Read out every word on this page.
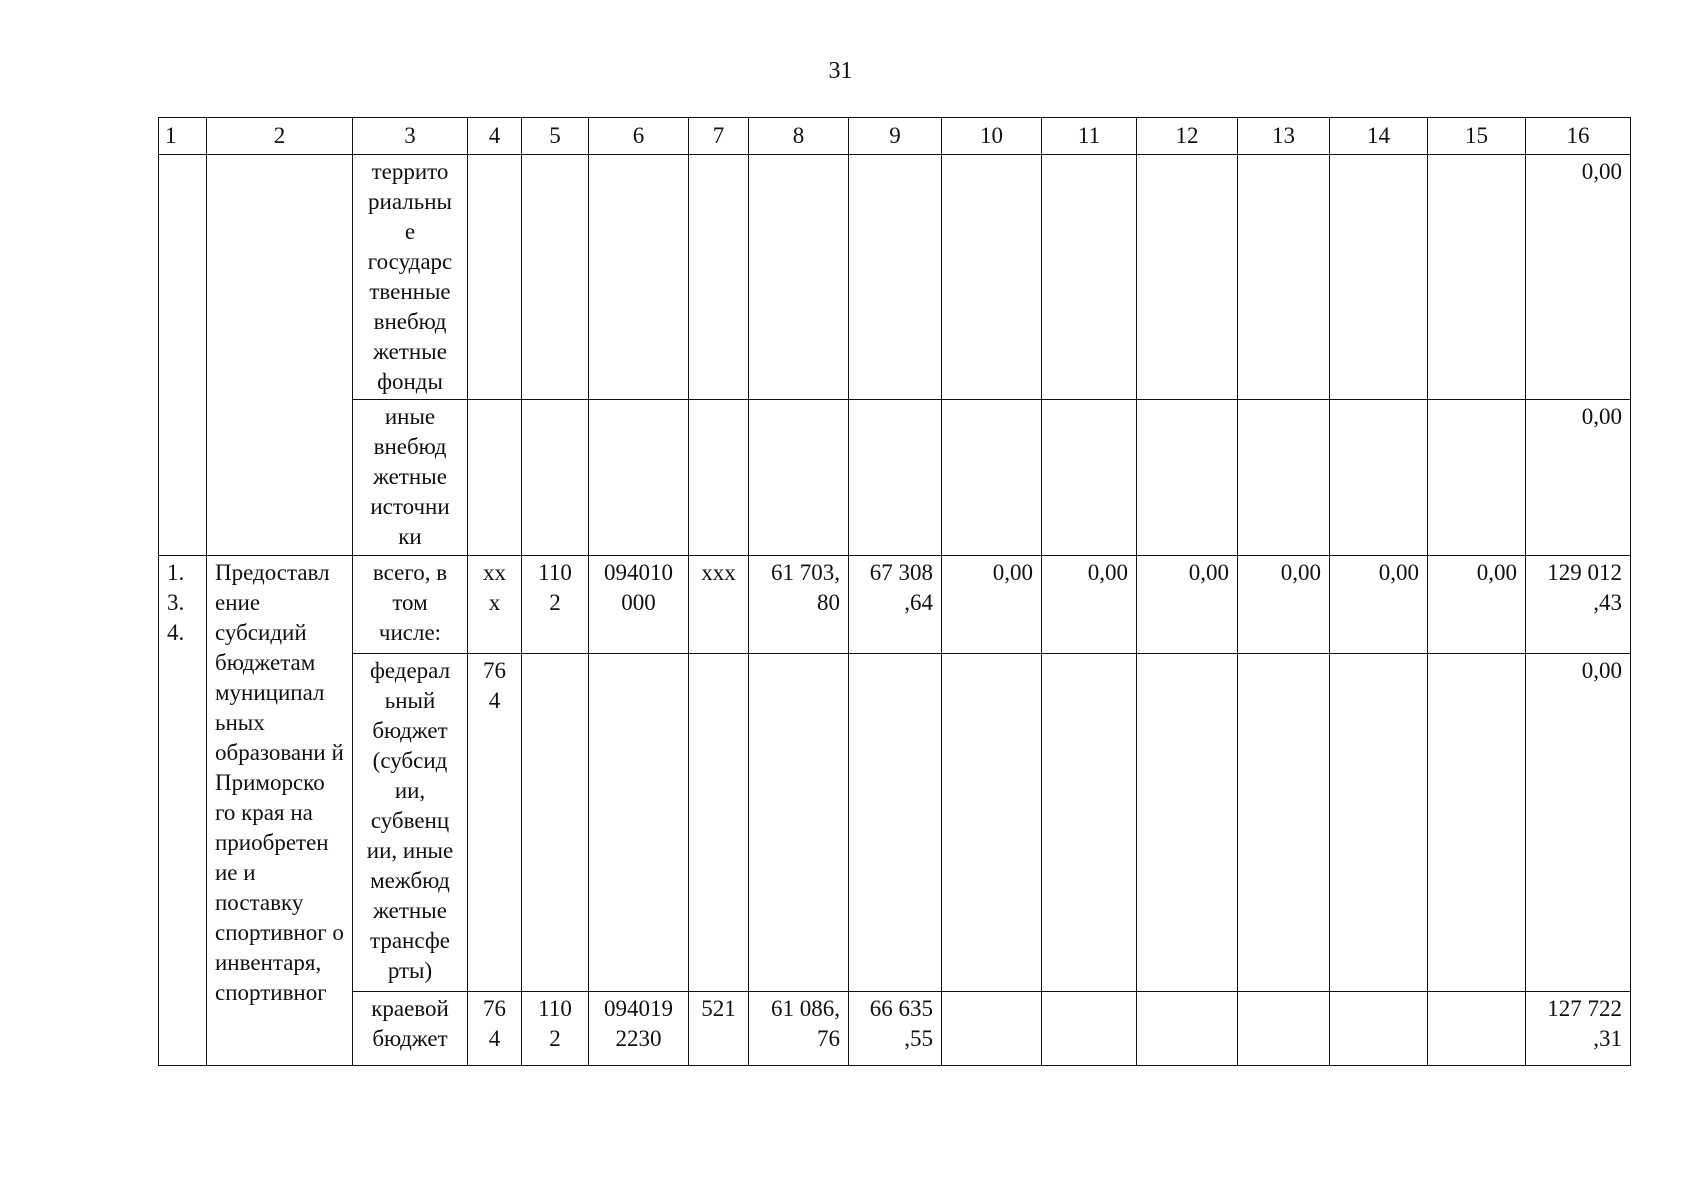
31
1	2	3	4	5	6	7	8	9	10	11	12	13	14	15	16
		террито риальны е государс твенные внебюд жетные фонды													0,00
		иные внебюд жетные источни ки													0,00
1. 3. 4.	Предоставл ение субсидий бюджетам муниципал ьных образовани й Приморско го края на приобретен ие и поставку спортивног о инвентаря, спортивног	всего, в том числе:	хх х	110 2	094010 000	ххх	61 703, 80	67 308 ,64	0,00	0,00	0,00	0,00	0,00	0,00	129 012 ,43
		федерал ьный бюджет (субсид ии, субвенц ии, иные межбюд жетные трансфе рты)	76 4												0,00
		краевой бюджет	76 4	110 2	094019 2230	521	61 086, 76	66 635 ,55							127 722 ,31
